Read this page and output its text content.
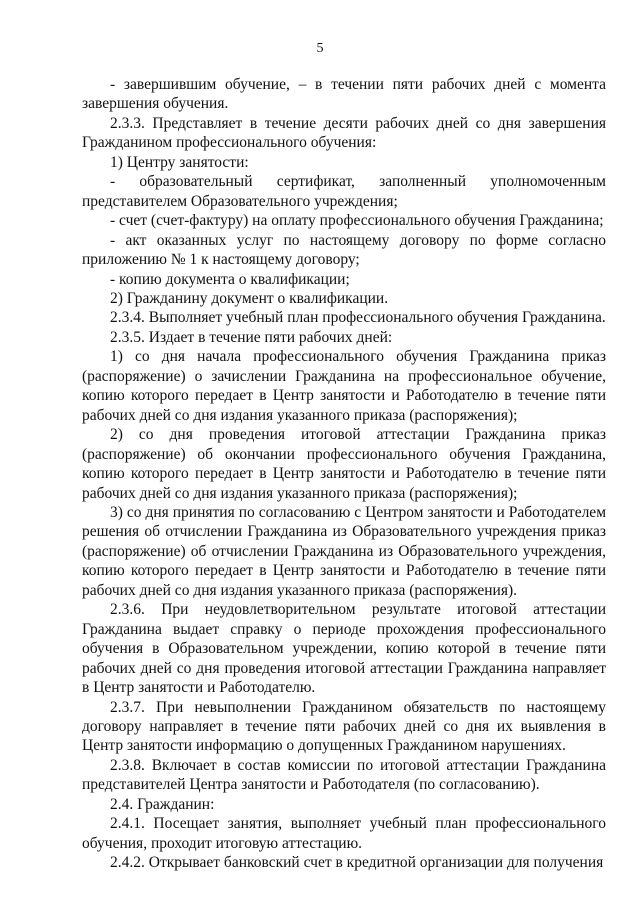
5

- завершившим обучение, – в течении пяти рабочих дней с момента завершения обучения.

2.3.3. Представляет в течение десяти рабочих дней со дня завершения Гражданином профессионального обучения:

1) Центру занятости:

- образовательный сертификат, заполненный уполномоченным представителем Образовательного учреждения;

- счет (счет-фактуру) на оплату профессионального обучения Гражданина;

- акт оказанных услуг по настоящему договору по форме согласно приложению № 1 к настоящему договору;

- копию документа о квалификации;

2) Гражданину документ о квалификации.

2.3.4. Выполняет учебный план профессионального обучения Гражданина.

2.3.5. Издает в течение пяти рабочих дней:

1) со дня начала профессионального обучения Гражданина приказ (распоряжение) о зачислении Гражданина на профессиональное обучение, копию которого передает в Центр занятости и Работодателю в течение пяти рабочих дней со дня издания указанного приказа (распоряжения);

2) со дня проведения итоговой аттестации Гражданина приказ (распоряжение) об окончании профессионального обучения Гражданина, копию которого передает в Центр занятости и Работодателю в течение пяти рабочих дней со дня издания указанного приказа (распоряжения);

3) со дня принятия по согласованию с Центром занятости и Работодателем решения об отчислении Гражданина из Образовательного учреждения приказ (распоряжение) об отчислении Гражданина из Образовательного учреждения, копию которого передает в Центр занятости и Работодателю в течение пяти рабочих дней со дня издания указанного приказа (распоряжения).

2.3.6. При неудовлетворительном результате итоговой аттестации Гражданина выдает справку о периоде прохождения профессионального обучения в Образовательном учреждении, копию которой в течение пяти рабочих дней со дня проведения итоговой аттестации Гражданина направляет в Центр занятости и Работодателю.

2.3.7. При невыполнении Гражданином обязательств по настоящему договору направляет в течение пяти рабочих дней со дня их выявления в Центр занятости информацию о допущенных Гражданином нарушениях.

2.3.8. Включает в состав комиссии по итоговой аттестации Гражданина представителей Центра занятости и Работодателя (по согласованию).

2.4. Гражданин:

2.4.1. Посещает занятия, выполняет учебный план профессионального обучения, проходит итоговую аттестацию.

2.4.2. Открывает банковский счет в кредитной организации для получения
